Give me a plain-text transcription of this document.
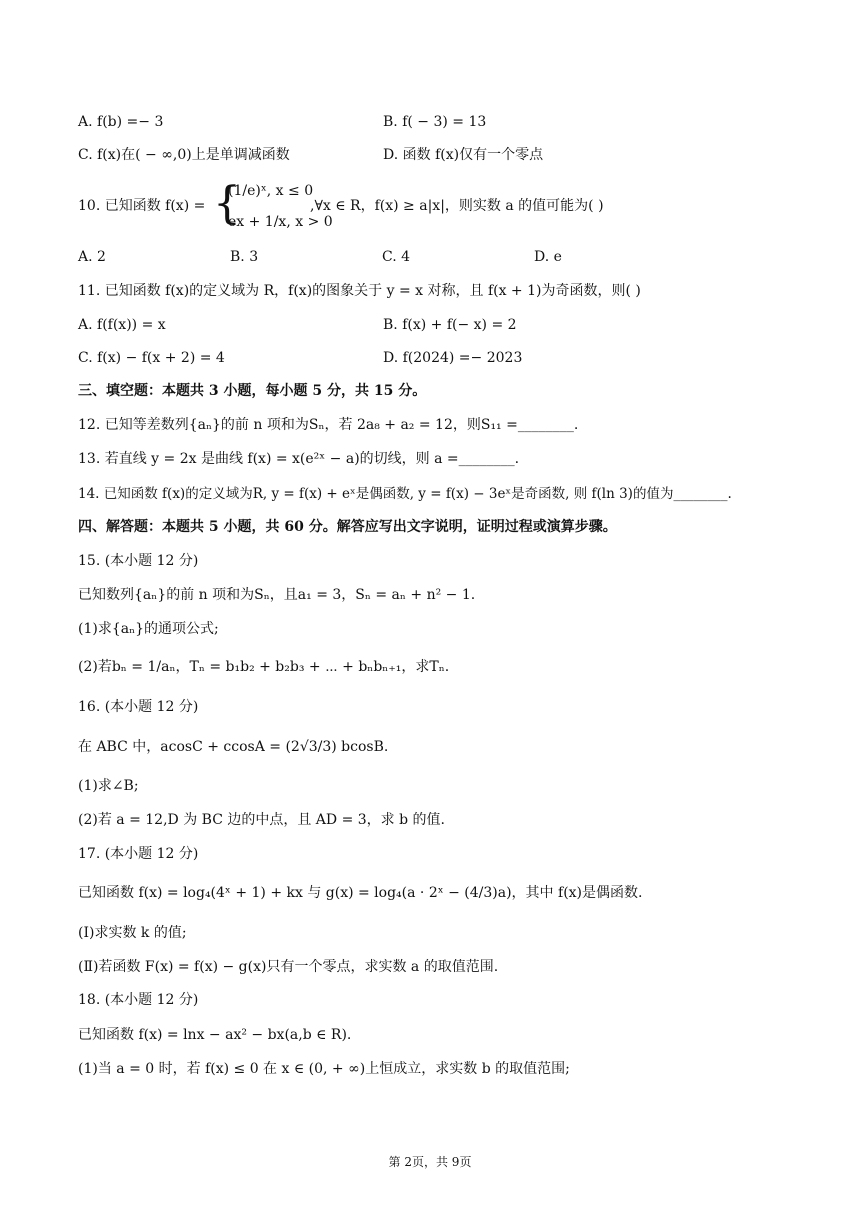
A. f(b) =− 3	B. f( − 3) = 13
C. f(x)在( − ∞,0)上是单调减函数	D. 函数 f(x)仅有一个零点
10. 已知函数 f(x) = {
(1/e)ˣ, x ≤ 0
ex + 1/x, x > 0
,∀x ∈ R，f(x) ≥ a|x|，则实数 a 的值可能为( )
A. 2	B. 3	C. 4	D. e
11. 已知函数 f(x)的定义域为 R，f(x)的图象关于 y = x 对称，且 f(x + 1)为奇函数，则( )
A. f(f(x)) = x	B. f(x) + f(− x) = 2
C. f(x) − f(x + 2) = 4	D. f(2024) =− 2023
三、填空题：本题共 3 小题，每小题 5 分，共 15 分。
12. 已知等差数列{aₙ}的前 n 项和为Sₙ，若 2a₈ + a₂ = 12，则S₁₁ =________.
13. 若直线 y = 2x 是曲线 f(x) = x(e²ˣ − a)的切线，则 a =________.
14. 已知函数 f(x)的定义域为R, y = f(x) + eˣ是偶函数, y = f(x) − 3eˣ是奇函数, 则 f(ln 3)的值为________.
四、解答题：本题共 5 小题，共 60 分。解答应写出文字说明，证明过程或演算步骤。
15. (本小题 12 分)
已知数列{aₙ}的前 n 项和为Sₙ，且a₁ = 3，Sₙ = aₙ + n² − 1.
(1)求{aₙ}的通项公式;
(2)若bₙ = 1/aₙ，Tₙ = b₁b₂ + b₂b₃ + ⋯ + bₙbₙ₊₁，求Tₙ.
16. (本小题 12 分)
在 ABC 中，acosC + ccosA = (2√3/3) bcosB.
(1)求∠B;
(2)若 a = 12,D 为 BC 边的中点，且 AD = 3，求 b 的值.
17. (本小题 12 分)
已知函数 f(x) = log₄(4ˣ + 1) + kx 与 g(x) = log₄(a · 2ˣ − (4/3)a)，其中 f(x)是偶函数.
(Ⅰ)求实数 k 的值;
(Ⅱ)若函数 F(x) = f(x) − g(x)只有一个零点，求实数 a 的取值范围.
18. (本小题 12 分)
已知函数 f(x) = lnx − ax² − bx(a,b ∈ R).
(1)当 a = 0 时，若 f(x) ≤ 0 在 x ∈ (0, + ∞)上恒成立，求实数 b 的取值范围;
第 2页，共 9页
